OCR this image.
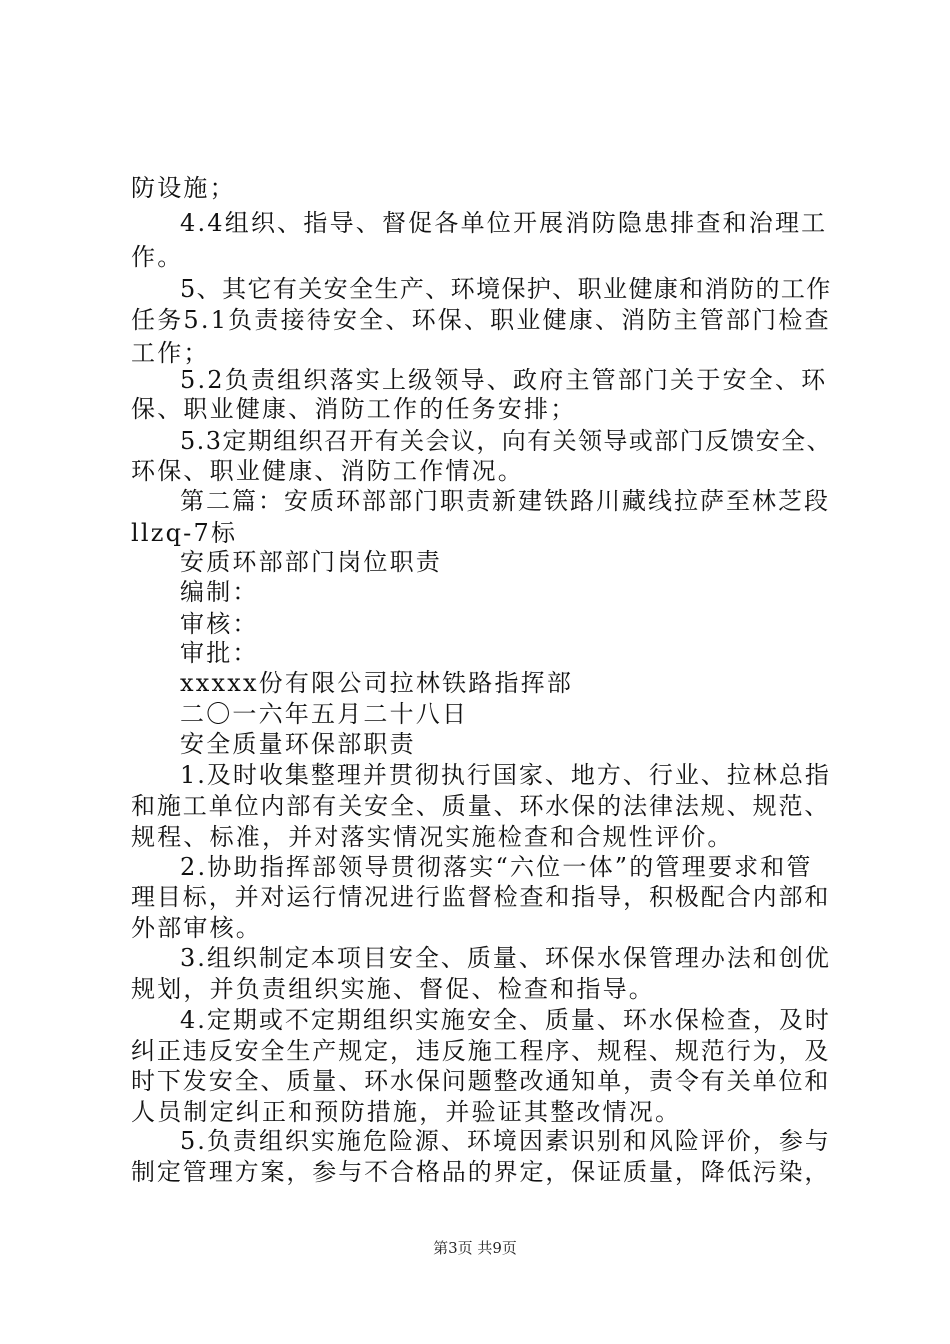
防设施；
4.4组织、指导、督促各单位开展消防隐患排查和治理工
作。
5、其它有关安全生产、环境保护、职业健康和消防的工作
任务5.1负责接待安全、环保、职业健康、消防主管部门检查
工作；
5.2负责组织落实上级领导、政府主管部门关于安全、环
保、职业健康、消防工作的任务安排；
5.3定期组织召开有关会议，向有关领导或部门反馈安全、
环保、职业健康、消防工作情况。
第二篇：安质环部部门职责新建铁路川藏线拉萨至林芝段
llzq-7标
安质环部部门岗位职责
编制：
审核：
审批：
xxxxx份有限公司拉林铁路指挥部
二〇一六年五月二十八日
安全质量环保部职责
1.及时收集整理并贯彻执行国家、地方、行业、拉林总指
和施工单位内部有关安全、质量、环水保的法律法规、规范、
规程、标准，并对落实情况实施检查和合规性评价。
2.协助指挥部领导贯彻落实“六位一体”的管理要求和管
理目标，并对运行情况进行监督检查和指导，积极配合内部和
外部审核。
3.组织制定本项目安全、质量、环保水保管理办法和创优
规划，并负责组织实施、督促、检查和指导。
4.定期或不定期组织实施安全、质量、环水保检查，及时
纠正违反安全生产规定，违反施工程序、规程、规范行为，及
时下发安全、质量、环水保问题整改通知单，责令有关单位和
人员制定纠正和预防措施，并验证其整改情况。
5.负责组织实施危险源、环境因素识别和风险评价，参与
制定管理方案，参与不合格品的界定，保证质量，降低污染，
第3页 共9页
